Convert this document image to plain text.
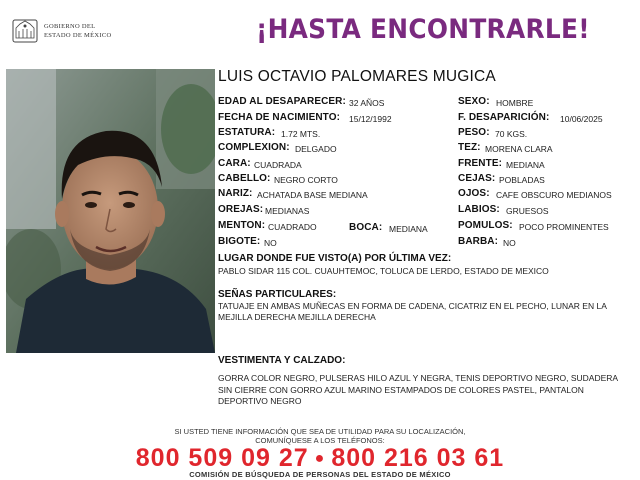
GOBIERNO DEL
ESTADO DE MÉXICO	¡HASTA ENCONTRARLE!
LUIS OCTAVIO PALOMARES MUGICA
EDAD AL DESAPARECER: 32 AÑOS
FECHA DE NACIMIENTO: 15/12/1992
ESTATURA: 1.72 MTS.
COMPLEXION: DELGADO
CARA: CUADRADA
CABELLO: NEGRO CORTO
NARIZ: ACHATADA BASE MEDIANA
OREJAS: MEDIANAS
MENTON: CUADRADO	BOCA: MEDIANA
BIGOTE: NO
SEXO: HOMBRE
F. DESAPARICIÓN: 10/06/2025
PESO: 70 KGS.
TEZ: MORENA CLARA
FRENTE: MEDIANA
CEJAS: POBLADAS
OJOS: CAFE OBSCURO MEDIANOS
LABIOS: GRUESOS
POMULOS: POCO PROMINENTES
BARBA: NO
LUGAR DONDE FUE VISTO(A) POR ÚLTIMA VEZ:
PABLO SIDAR 115 COL. CUAUHTEMOC, TOLUCA DE LERDO, ESTADO DE MEXICO
SEÑAS PARTICULARES:
TATUAJE EN AMBAS MUÑECAS EN FORMA DE CADENA, CICATRIZ EN EL PECHO, LUNAR EN LA MEJILLA DERECHA MEJILLA DERECHA
VESTIMENTA Y CALZADO:
GORRA COLOR NEGRO, PULSERAS HILO AZUL Y NEGRA, TENIS DEPORTIVO NEGRO, SUDADERA SIN CIERRE CON GORRO AZUL MARINO ESTAMPADOS DE COLORES PASTEL, PANTALON DEPORTIVO NEGRO
SI USTED TIENE INFORMACIÓN QUE SEA DE UTILIDAD PARA SU LOCALIZACIÓN,
COMUNÍQUESE A LOS TELÉFONOS:
800 509 09 27 ● 800 216 03 61
COMISIÓN DE BÚSQUEDA DE PERSONAS DEL ESTADO DE MÉXICO
